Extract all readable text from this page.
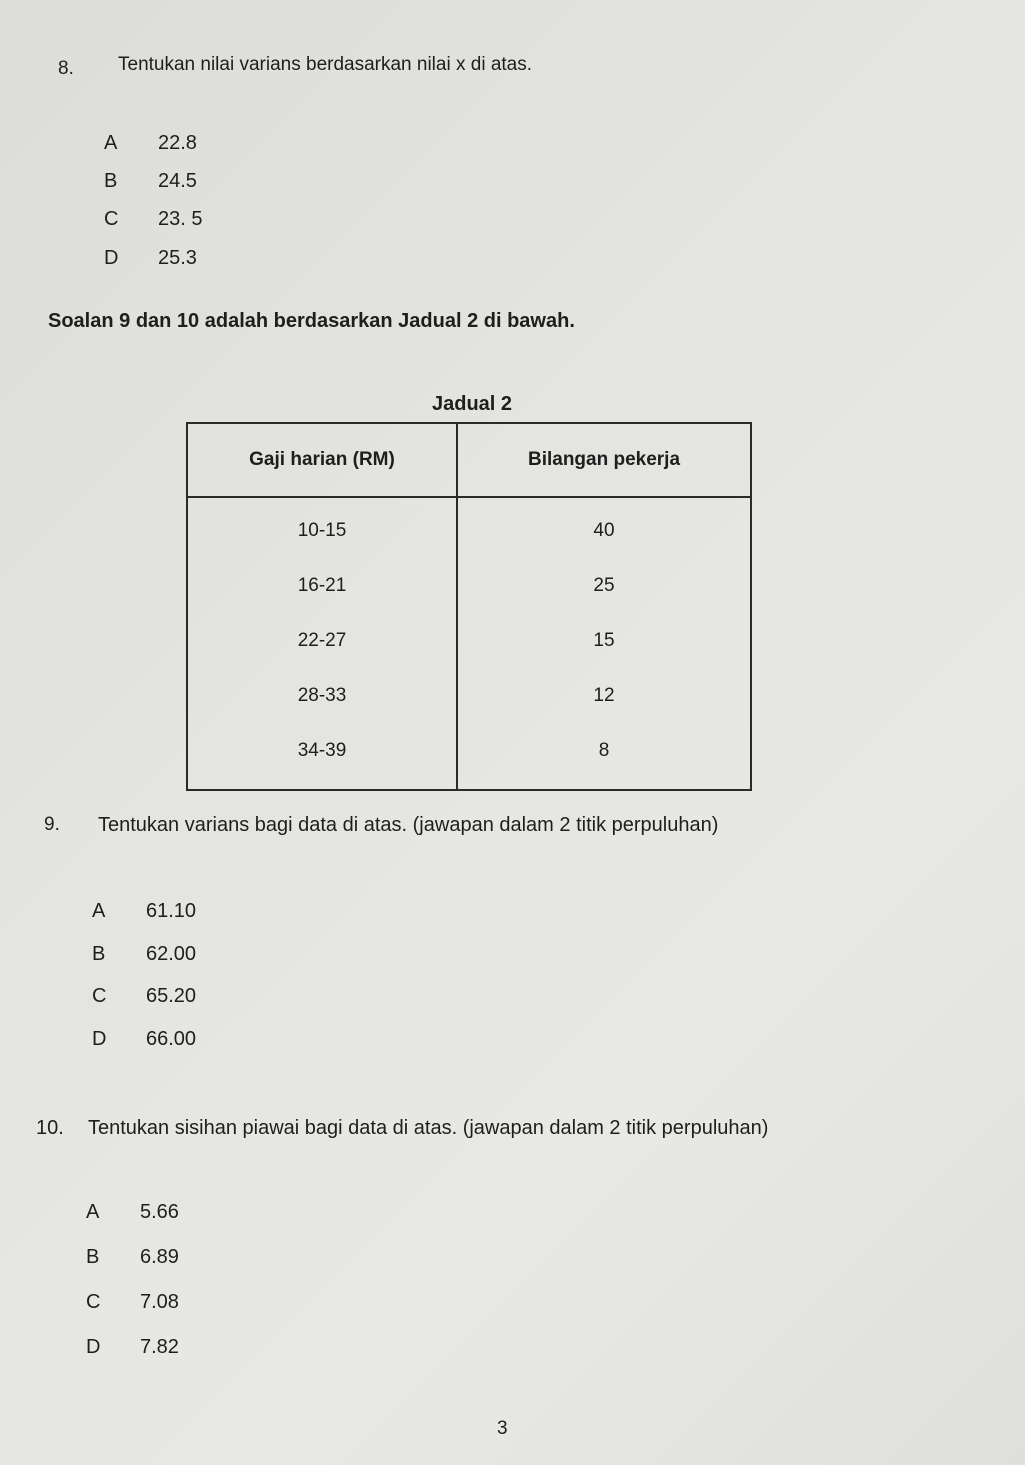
8. Tentukan nilai varians berdasarkan nilai x di atas.
A	22.8
B	24.5
C	23. 5
D	25.3
Soalan 9 dan 10 adalah berdasarkan Jadual 2 di bawah.
Jadual 2
Gaji harian (RM)	Bilangan pekerja
10-15	40
16-21	25
22-27	15
28-33	12
34-39	8
9. Tentukan varians bagi data di atas. (jawapan dalam 2 titik perpuluhan)
A	61.10
B	62.00
C	65.20
D	66.00
10. Tentukan sisihan piawai bagi data di atas. (jawapan dalam 2 titik perpuluhan)
A	5.66
B	6.89
C	7.08
D	7.82
3
